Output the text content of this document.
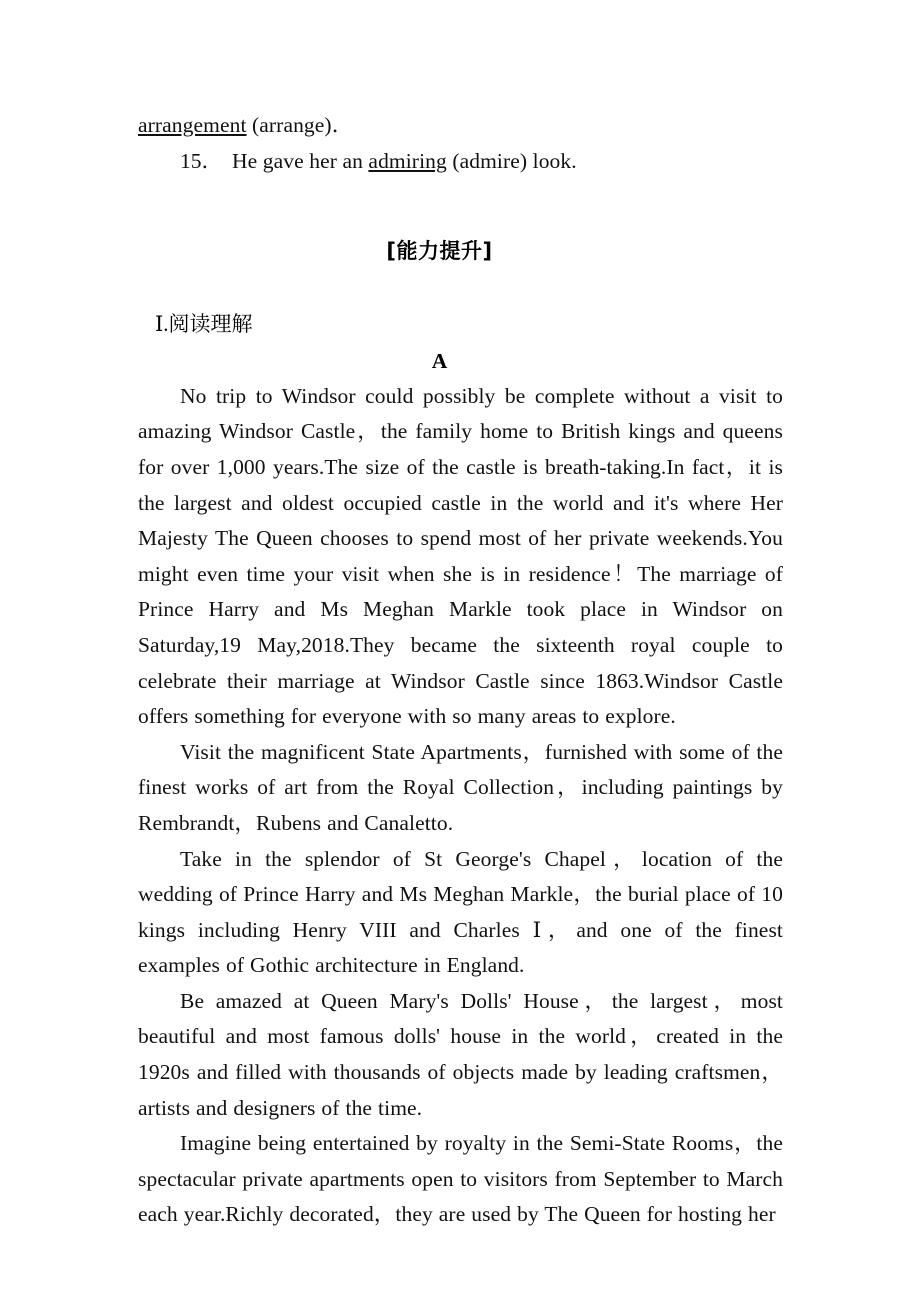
arrangement (arrange)．
15． He gave her an admiring (admire) look.
[能力提升]
Ⅰ.阅读理解
A

No trip to Windsor could possibly be complete without a visit to amazing Windsor Castle，the family home to British kings and queens for over 1,000 years.The size of the castle is breath-taking.In fact，it is the largest and oldest occupied castle in the world and it's where Her Majesty The Queen chooses to spend most of her private weekends.You might even time your visit when she is in residence！The marriage of Prince Harry and Ms Meghan Markle took place in Windsor on Saturday,19 May,2018.They became the sixteenth royal couple to celebrate their marriage at Windsor Castle since 1863.Windsor Castle offers something for everyone with so many areas to explore.

Visit the magnificent State Apartments，furnished with some of the finest works of art from the Royal Collection，including paintings by Rembrandt，Rubens and Canaletto.

Take in the splendor of St George's Chapel，location of the wedding of Prince Harry and Ms Meghan Markle，the burial place of 10 kings including Henry VIII and Charles Ⅰ，and one of the finest examples of Gothic architecture in England.

Be amazed at Queen Mary's Dolls' House，the largest，most beautiful and most famous dolls' house in the world，created in the 1920s and filled with thousands of objects made by leading craftsmen，artists and designers of the time.

Imagine being entertained by royalty in the Semi-State Rooms，the spectacular private apartments open to visitors from September to March each year.Richly decorated，they are used by The Queen for hosting her
